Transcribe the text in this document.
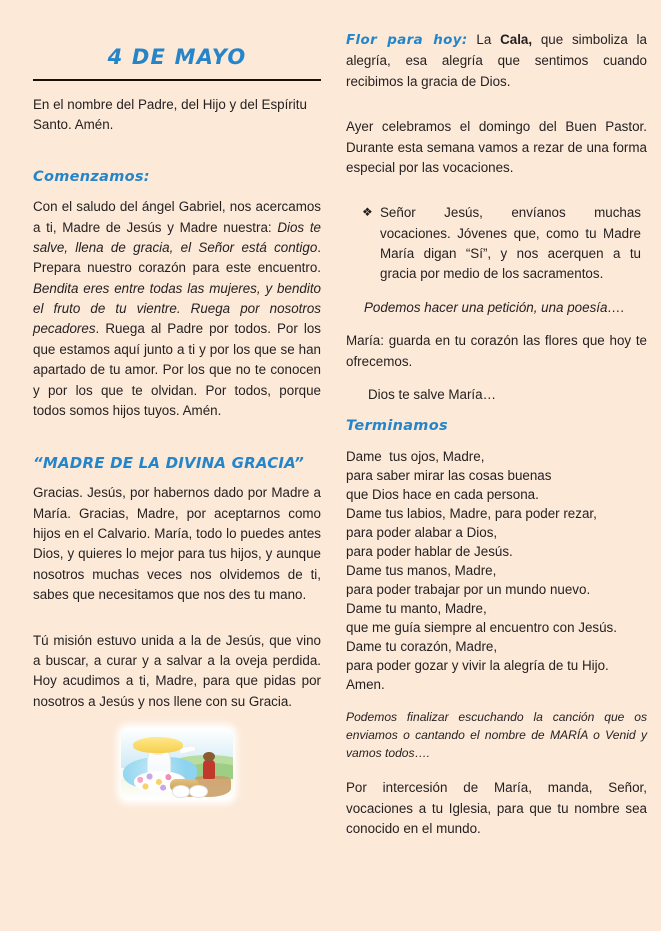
4 DE MAYO

En el nombre del Padre, del Hijo y del Espíritu Santo. Amén.

Comenzamos:

Con el saludo del ángel Gabriel, nos acercamos a ti, Madre de Jesús y Madre nuestra: Dios te salve, llena de gracia, el Señor está contigo. Prepara nuestro corazón para este encuentro. Bendita eres entre todas las mujeres, y bendito el fruto de tu vientre. Ruega por nosotros pecadores. Ruega al Padre por todos. Por los que estamos aquí junto a ti y por los que se han apartado de tu amor. Por los que no te conocen y por los que te olvidan. Por todos, porque todos somos hijos tuyos. Amén.

“MADRE DE LA DIVINA GRACIA”

Gracias. Jesús, por habernos dado por Madre a María. Gracias, Madre, por aceptarnos como hijos en el Calvario. María, todo lo puedes antes Dios, y quieres lo mejor para tus hijos, y aunque nosotros muchas veces nos olvidemos de ti, sabes que necesitamos que nos des tu mano.

Tú misión estuvo unida a la de Jesús, que vino a buscar, a curar y a salvar a la oveja perdida. Hoy acudimos a ti, Madre, para que pidas por nosotros a Jesús y nos llene con su Gracia.

Flor para hoy: La Cala, que simboliza la alegría, esa alegría que sentimos cuando recibimos la gracia de Dios.

Ayer celebramos el domingo del Buen Pastor. Durante esta semana vamos a rezar de una forma especial por las vocaciones.

❖ Señor Jesús, envíanos muchas vocaciones. Jóvenes que, como tu Madre María digan “Sí”, y nos acerquen a tu gracia por medio de los sacramentos.
Podemos hacer una petición, una poesía….

María: guarda en tu corazón las flores que hoy te ofrecemos.

Dios te salve María…
Terminamos
Dame  tus ojos, Madre,
para saber mirar las cosas buenas
que Dios hace en cada persona.
Dame tus labios, Madre, para poder rezar,
para poder alabar a Dios,
para poder hablar de Jesús.
Dame tus manos, Madre,
para poder trabajar por un mundo nuevo.
Dame tu manto, Madre,
que me guía siempre al encuentro con Jesús.
Dame tu corazón, Madre,
para poder gozar y vivir la alegría de tu Hijo.
Amen.
Podemos finalizar escuchando la canción que os enviamos o cantando el nombre de MARÍA o Venid y vamos todos….

Por intercesión de María, manda, Señor, vocaciones a tu Iglesia, para que tu nombre sea conocido en el mundo.
